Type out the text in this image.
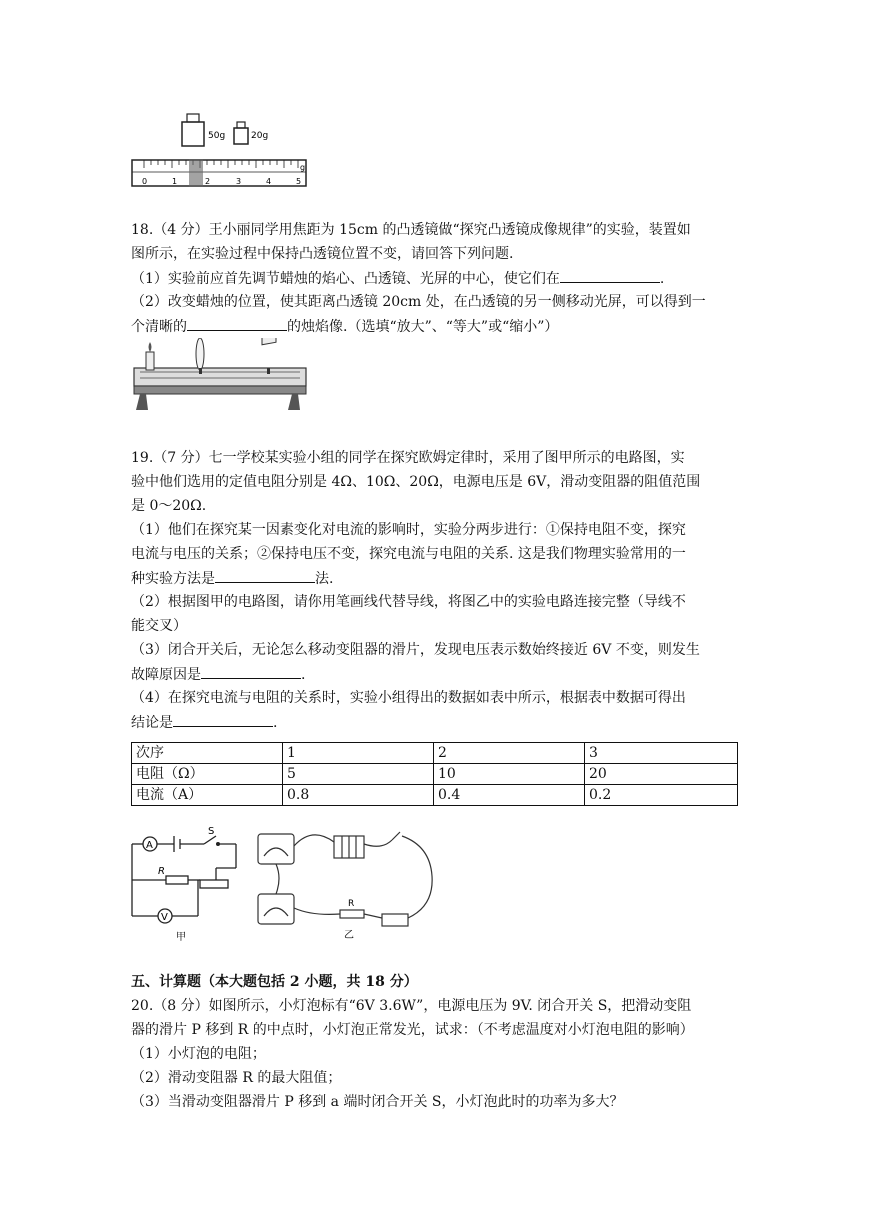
50g	20g
0	1	2	3	4	5
g
18.（4 分）王小丽同学用焦距为 15cm 的凸透镜做“探究凸透镜成像规律”的实验，装置如
图所示，在实验过程中保持凸透镜位置不变，请回答下列问题.
（1）实验前应首先调节蜡烛的焰心、凸透镜、光屏的中心，使它们在	.
（2）改变蜡烛的位置，使其距离凸透镜 20cm 处，在凸透镜的另一侧移动光屏，可以得到一
个清晰的	的烛焰像.（选填“放大”、“等大”或“缩小”）
19.（7 分）七一学校某实验小组的同学在探究欧姆定律时，采用了图甲所示的电路图，实
验中他们选用的定值电阻分别是 4Ω、10Ω、20Ω，电源电压是 6V，滑动变阻器的阻值范围
是 0～20Ω.
（1）他们在探究某一因素变化对电流的影响时，实验分两步进行：①保持电阻不变，探究
电流与电压的关系；②保持电压不变，探究电流与电阻的关系. 这是我们物理实验常用的一
种实验方法是	法.
（2）根据图甲的电路图，请你用笔画线代替导线，将图乙中的实验电路连接完整（导线不
能交叉）
（3）闭合开关后，无论怎么移动变阻器的滑片，发现电压表示数始终接近 6V 不变，则发生
故障原因是	.
（4）在探究电流与电阻的关系时，实验小组得出的数据如表中所示，根据表中数据可得出
结论是	.
次序	1	2	3
电阻（Ω）	5	10	20
电流（A）	0.8	0.4	0.2
A
V
S
R
甲
R
乙
五、计算题（本大题包括 2 小题，共 18 分）
20.（8 分）如图所示，小灯泡标有“6V 3.6W”，电源电压为 9V. 闭合开关 S，把滑动变阻
器的滑片 P 移到 R 的中点时，小灯泡正常发光，试求：（不考虑温度对小灯泡电阻的影响）
（1）小灯泡的电阻；
（2）滑动变阻器 R 的最大阻值；
（3）当滑动变阻器滑片 P 移到 a 端时闭合开关 S，小灯泡此时的功率为多大？
